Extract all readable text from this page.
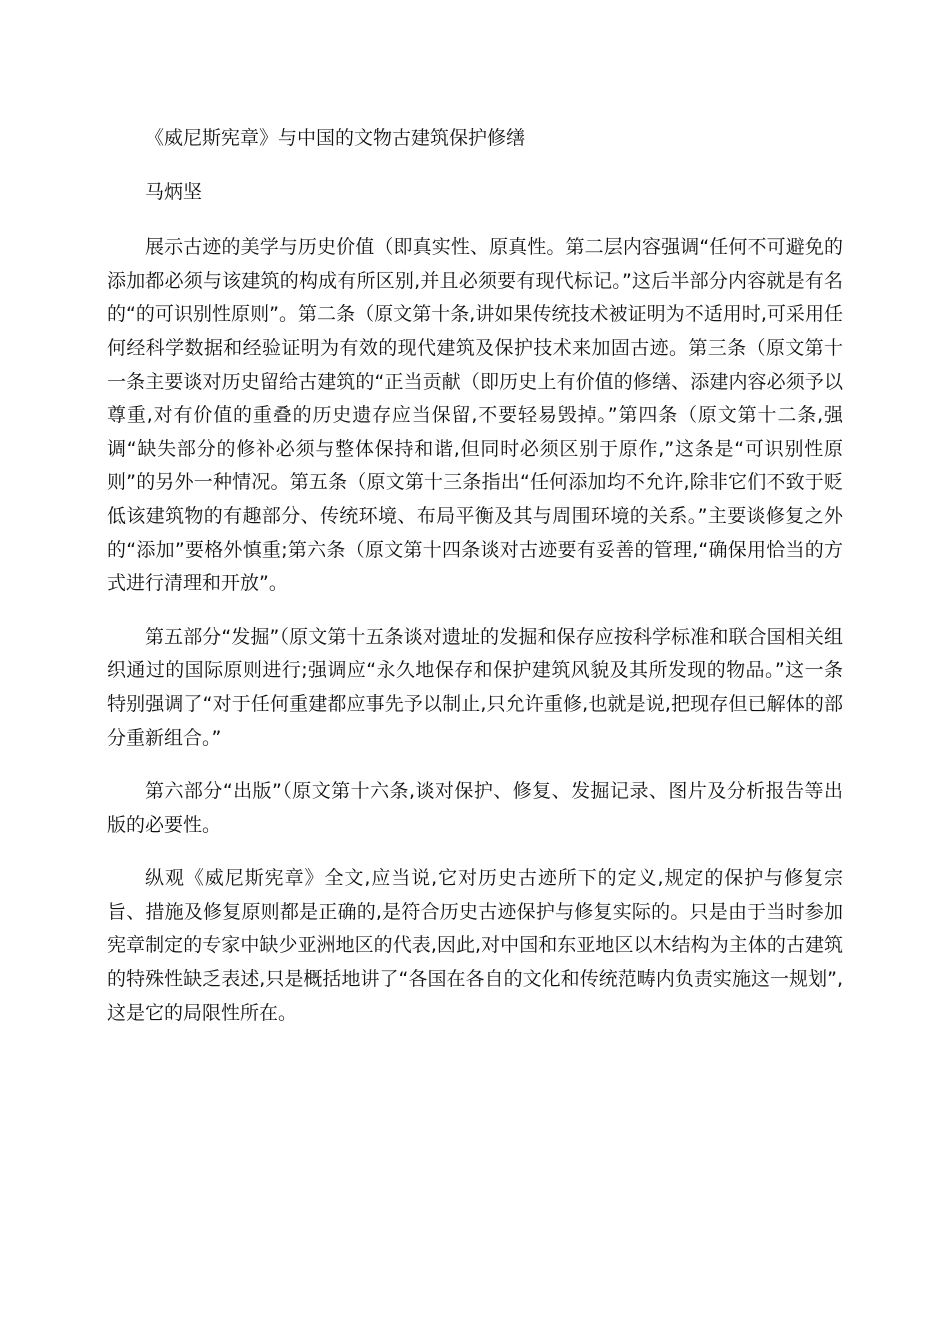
《威尼斯宪章》与中国的文物古建筑保护修缮

马炳坚

展示古迹的美学与历史价值（即真实性、原真性。第二层内容强调“任何不可避免的添加都必须与该建筑的构成有所区别,并且必须要有现代标记。”这后半部分内容就是有名的“的可识别性原则”。第二条（原文第十条,讲如果传统技术被证明为不适用时,可采用任何经科学数据和经验证明为有效的现代建筑及保护技术来加固古迹。第三条（原文第十一条主要谈对历史留给古建筑的“正当贡献（即历史上有价值的修缮、添建内容必须予以尊重,对有价值的重叠的历史遗存应当保留,不要轻易毁掉。”第四条（原文第十二条,强调“缺失部分的修补必须与整体保持和谐,但同时必须区别于原作,”这条是“可识别性原则”的另外一种情况。第五条（原文第十三条指出“任何添加均不允许,除非它们不致于贬低该建筑物的有趣部分、传统环境、布局平衡及其与周围环境的关系。”主要谈修复之外的“添加”要格外慎重;第六条（原文第十四条谈对古迹要有妥善的管理,“确保用恰当的方式进行清理和开放”。

第五部分“发掘”（原文第十五条谈对遗址的发掘和保存应按科学标准和联合国相关组织通过的国际原则进行;强调应“永久地保存和保护建筑风貌及其所发现的物品。”这一条特别强调了“对于任何重建都应事先予以制止,只允许重修,也就是说,把现存但已解体的部分重新组合。”

第六部分“出版”（原文第十六条,谈对保护、修复、发掘记录、图片及分析报告等出版的必要性。

纵观《威尼斯宪章》全文,应当说,它对历史古迹所下的定义,规定的保护与修复宗旨、措施及修复原则都是正确的,是符合历史古迹保护与修复实际的。只是由于当时参加宪章制定的专家中缺少亚洲地区的代表,因此,对中国和东亚地区以木结构为主体的古建筑的特殊性缺乏表述,只是概括地讲了“各国在各自的文化和传统范畴内负责实施这一规划”,这是它的局限性所在。
